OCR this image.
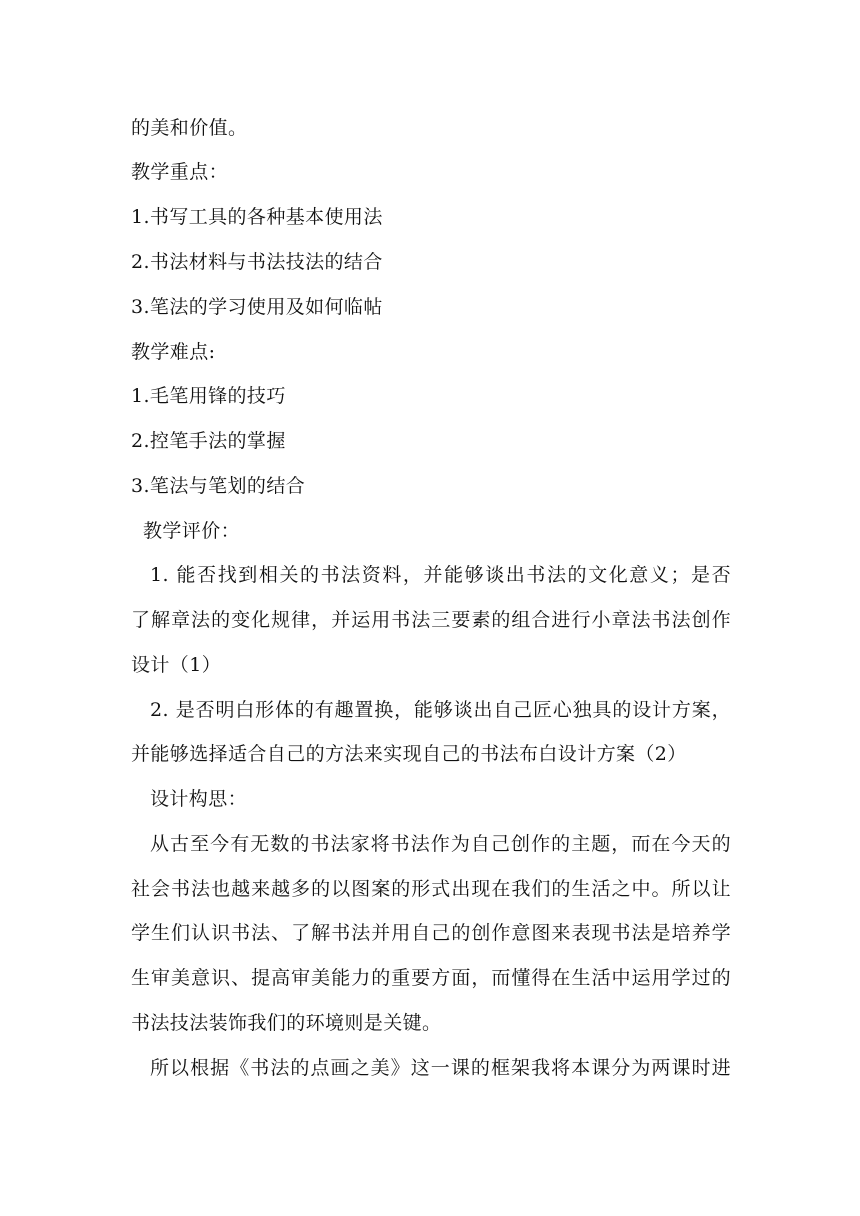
的美和价值。
教学重点：
1.书写工具的各种基本使用法
2.书法材料与书法技法的结合
3.笔法的学习使用及如何临帖
教学难点:
1.毛笔用锋的技巧
2.控笔手法的掌握
3.笔法与笔划的结合
教学评价：
1. 能否找到相关的书法资料，并能够谈出书法的文化意义；是否
了解章法的变化规律，并运用书法三要素的组合进行小章法书法创作
设计（1）
2. 是否明白形体的有趣置换，能够谈出自己匠心独具的设计方案，
并能够选择适合自己的方法来实现自己的书法布白设计方案（2）
设计构思：
从古至今有无数的书法家将书法作为自己创作的主题，而在今天的
社会书法也越来越多的以图案的形式出现在我们的生活之中。所以让
学生们认识书法、了解书法并用自己的创作意图来表现书法是培养学
生审美意识、提高审美能力的重要方面，而懂得在生活中运用学过的
书法技法装饰我们的环境则是关键。
所以根据《书法的点画之美》这一课的框架我将本课分为两课时进
